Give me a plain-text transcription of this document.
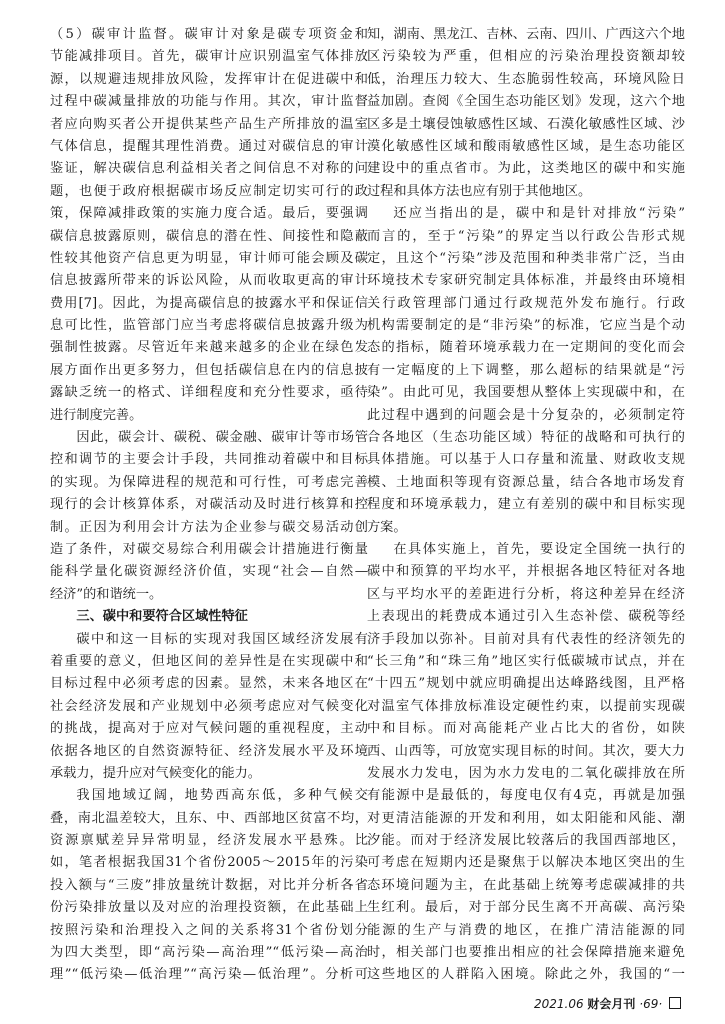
（5）碳审计监督。碳审计对象是碳专项资金和
节能减排项目。首先，碳审计应识别温室气体排放
源，以规避违规排放风险，发挥审计在促进碳中和
过程中碳减量排放的功能与作用。其次，审计监督
者应向购买者公开提供某些产品生产所排放的温室
气体信息，提醒其理性消费。通过对碳信息的审计
鉴证，解决碳信息利益相关者之间信息不对称的问
题，也便于政府根据碳市场反应制定切实可行的政
策，保障减排政策的实施力度合适。最后，要强调
碳信息披露原则，碳信息的潜在性、间接性和隐蔽
性较其他资产信息更为明显，审计师可能会顾及碳
信息披露所带来的诉讼风险，从而收取更高的审计
费用[7]。因此，为提高碳信息的披露水平和保证信
息可比性，监管部门应当考虑将碳信息披露升级为
强制性披露。尽管近年来越来越多的企业在绿色发
展方面作出更多努力，但包括碳信息在内的信息披
露缺乏统一的格式、详细程度和充分性要求，亟待
进行制度完善。
因此，碳会计、碳税、碳金融、碳审计等市场管
控和调节的主要会计手段，共同推动着碳中和目标
的实现。为保障进程的规范和可行性，可考虑完善
现行的会计核算体系，对碳活动及时进行核算和控
制。正因为利用会计方法为企业参与碳交易活动创
造了条件，对碳交易综合利用碳会计措施进行衡量
能科学量化碳资源经济价值，实现“社会—自然—
经济”的和谐统一。
三、碳中和要符合区域性特征
碳中和这一目标的实现对我国区域经济发展有
着重要的意义，但地区间的差异性是在实现碳中和
目标过程中必须考虑的因素。显然，未来各地区在
社会经济发展和产业规划中必须考虑应对气候变化
的挑战，提高对于应对气候问题的重视程度，主动
依据各地区的自然资源特征、经济发展水平及环境
承载力，提升应对气候变化的能力。
我国地域辽阔，地势西高东低，多种气候交
叠，南北温差较大，且东、中、西部地区贫富不均，
资源禀赋差异异常明显，经济发展水平悬殊。比
如，笔者根据我国31个省份2005～2015年的污染
投入额与“三废”排放量统计数据，对比并分析各省
份污染排放量以及对应的治理投资额，在此基础上
按照污染和治理投入之间的关系将31个省份划分
为四大类型，即“高污染—高治理”“低污染—高治
理”“低污染—低治理”“高污染—低治理”。分析可
知，湖南、黑龙江、吉林、云南、四川、广西这六个地
区污染较为严重，但相应的污染治理投资额却较
低，治理压力较大、生态脆弱性较高，环境风险日
益加剧。查阅《全国生态功能区划》发现，这六个地
区多是土壤侵蚀敏感性区域、石漠化敏感性区域、沙
漠化敏感性区域和酸雨敏感性区域，是生态功能区
建设中的重点省市。为此，这类地区的碳中和实施
过程和具体方法也应有别于其他地区。
还应当指出的是，碳中和是针对排放“污染”
而言的，至于“污染”的界定当以行政公告形式规
定，且这个“污染”涉及范围和种类非常广泛，当由
环境技术专家研究制定具体标准，并最终由环境相
关行政管理部门通过行政规范外发布施行。行政
机构需要制定的是“非污染”的标准，它应当是个动
态的指标，随着环境承载力在一定期间的变化而会
有一定幅度的上下调整，那么超标的结果就是“污
染”。由此可见，我国要想从整体上实现碳中和，在
此过程中遇到的问题会是十分复杂的，必须制定符
合各地区（生态功能区域）特征的战略和可执行的
具体措施。可以基于人口存量和流量、财政收支规
模、土地面积等现有资源总量，结合各地市场发育
程度和环境承载力，建立有差别的碳中和目标实现
方案。
在具体实施上，首先，要设定全国统一执行的
碳中和预算的平均水平，并根据各地区特征对各地
区与平均水平的差距进行分析，将这种差异在经济
上表现出的耗费成本通过引入生态补偿、碳税等经
济手段加以弥补。目前对具有代表性的经济领先的
“长三角”和“珠三角”地区实行低碳城市试点，并在
“十四五”规划中就应明确提出达峰路线图，且严格
对温室气体排放标准设定硬性约束，以提前实现碳
中和目标。而对高能耗产业占比大的省份，如陕
西、山西等，可放宽实现目标的时间。其次，要大力
发展水力发电，因为水力发电的二氧化碳排放在所
有能源中是最低的，每度电仅有4克，再就是加强
对更清洁能源的开发和利用，如太阳能和风能、潮
汐能。而对于经济发展比较落后的我国西部地区，
可考虑在短期内还是聚焦于以解决本地区突出的生
态环境问题为主，在此基础上统筹考虑碳减排的共
生红利。最后，对于部分民生离不开高碳、高污染
能源的生产与消费的地区，在推广清洁能源的同
时，相关部门也要推出相应的社会保障措施来避免
这些地区的人群陷入困境。除此之外，我国的“一
2021.06 财会月刊 ·69·
